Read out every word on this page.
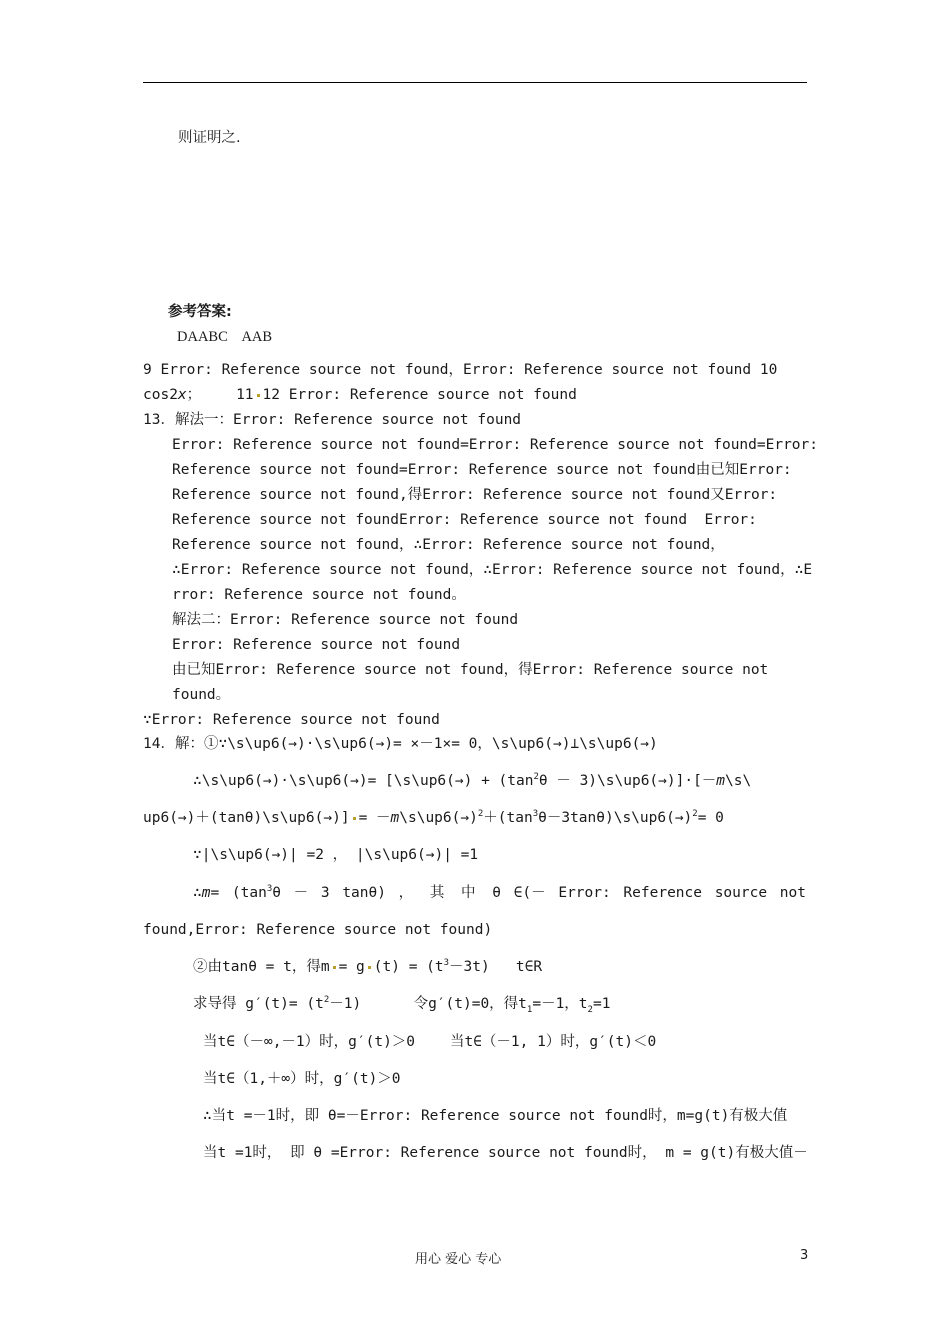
则证明之.
参考答案:
DAABC    AAB
9 Error: Reference source not found，Error: Reference source not found 10
cos2x；    11 12 Error: Reference source not found
13．解法一：Error: Reference source not found
Error: Reference source not found=Error: Reference source not found=Error:
Reference source not found=Error: Reference source not found由已知Error:
Reference source not found,得Error: Reference source not found又Error:
Reference source not foundError: Reference source not found  Error:
Reference source not found，∴Error: Reference source not found，
∴Error: Reference source not found，∴Error: Reference source not found，∴E
rror: Reference source not found。
解法二：Error: Reference source not found
Error: Reference source not found
由已知Error: Reference source not found，得Error: Reference source not
found。
∵Error: Reference source not found
14．解：①∵\s\up6(→)·\s\up6(→)= ×－1×= 0，\s\up6(→)⊥\s\up6(→)
∴\s\up6(→)·\s\up6(→)= [\s\up6(→) + ($\tan^2\theta$ － 3)\s\up6(→)]·[－m\s\
up6(→)＋(tanθ)\s\up6(→)] = $-m\backslash s\backslash up6(\to)^2+(\tan^3\theta-3\tan\theta)\backslash s\backslash up6(\to)^2= 0$
∵|\s\up6(→)| =2 ， |\s\up6(→)| =1
∴m= ($\tan^3\theta - 3$ tanθ) ， 其 中 θ ∈(－ Error: Reference source not
found,Error: Reference source not found)
②由tanθ = t，得m = g $(t) = (t^3-3t)$   t∈R
求导得 $g'(t)= (t^2-1)$      令g′(t)=0，得$t_1=-1$，$t_2=1$
当t∈（－∞,－1）时，g′(t)＞0    当t∈（－1, 1）时，g′(t)＜0
当t∈（1,＋∞）时，g′(t)＞0
∴当t =－1时，即 θ=－Error: Reference source not found时，m=g(t)有极大值
当t =1时， 即 θ =Error: Reference source not found时， m = g(t)有极大值－
用心 爱心 专心	3
